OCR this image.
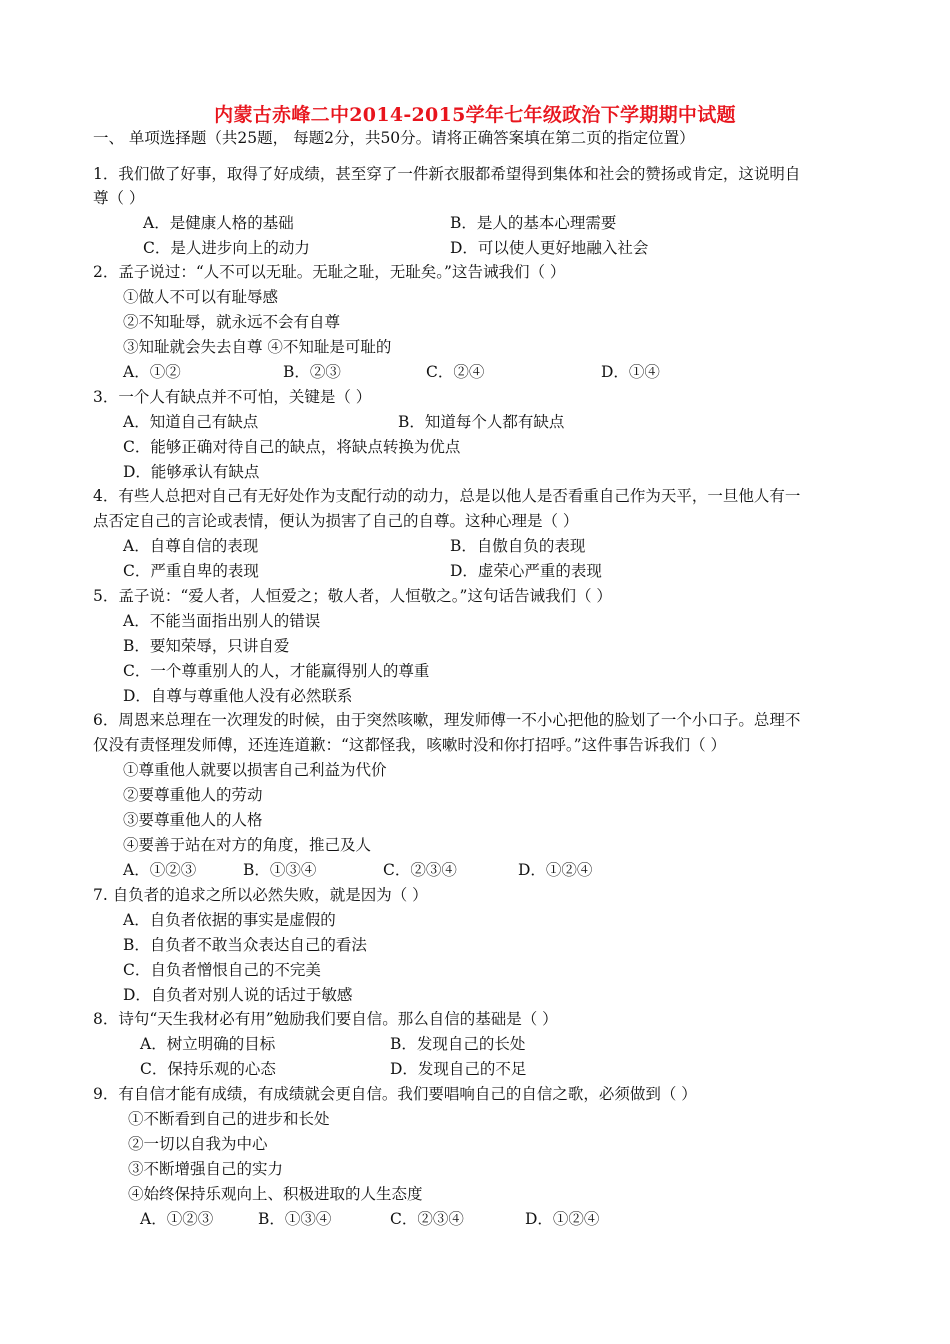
内蒙古赤峰二中2014-2015学年七年级政治下学期期中试题
一、 单项选择题（共25题， 每题2分，共50分。请将正确答案填在第二页的指定位置）
1．我们做了好事，取得了好成绩，甚至穿了一件新衣服都希望得到集体和社会的赞扬或肯定，这说明自
尊（ ）
A．是健康人格的基础	B．是人的基本心理需要
C．是人进步向上的动力	D．可以使人更好地融入社会
2．孟子说过：“人不可以无耻。无耻之耻，无耻矣。”这告诫我们（ ）
①做人不可以有耻辱感
②不知耻辱，就永远不会有自尊
③知耻就会失去自尊 ④不知耻是可耻的
A．①②	B．②③	C．②④	D．①④
3．一个人有缺点并不可怕，关键是（ ）
A．知道自己有缺点	B．知道每个人都有缺点
C．能够正确对待自己的缺点，将缺点转换为优点
D．能够承认有缺点
4．有些人总把对自己有无好处作为支配行动的动力，总是以他人是否看重自己作为天平，一旦他人有一
点否定自己的言论或表情，便认为损害了自己的自尊。这种心理是（ ）
A．自尊自信的表现	B．自傲自负的表现
C．严重自卑的表现	D．虚荣心严重的表现
5．孟子说：“爱人者，人恒爱之；敬人者，人恒敬之。”这句话告诫我们（ ）
A．不能当面指出别人的错误
B．要知荣辱，只讲自爱
C．一个尊重别人的人，才能赢得别人的尊重
D．自尊与尊重他人没有必然联系
6．周恩来总理在一次理发的时候，由于突然咳嗽，理发师傅一不小心把他的脸划了一个小口子。总理不
仅没有责怪理发师傅，还连连道歉：“这都怪我，咳嗽时没和你打招呼。”这件事告诉我们（ ）
①尊重他人就要以损害自己利益为代价
②要尊重他人的劳动
③要尊重他人的人格
④要善于站在对方的角度，推己及人
A．①②③	B．①③④	C．②③④	D．①②④
7. 自负者的追求之所以必然失败，就是因为（ ）
A．自负者依据的事实是虚假的
B．自负者不敢当众表达自己的看法
C．自负者憎恨自己的不完美
D．自负者对别人说的话过于敏感
8．诗句“天生我材必有用”勉励我们要自信。那么自信的基础是（ ）
A．树立明确的目标	B．发现自己的长处
C．保持乐观的心态	D．发现自己的不足
9．有自信才能有成绩，有成绩就会更自信。我们要唱响自己的自信之歌，必须做到（ ）
①不断看到自己的进步和长处
②一切以自我为中心
③不断增强自己的实力
④始终保持乐观向上、积极进取的人生态度
A．①②③	B．①③④	C．②③④	D．①②④
